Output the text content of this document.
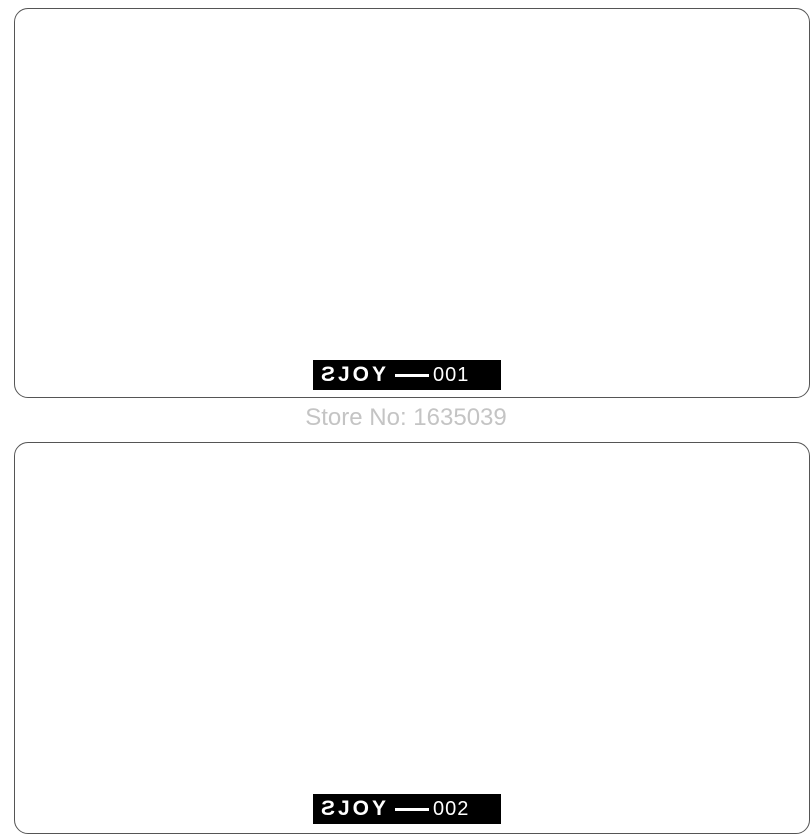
ƧJOY 001
Store No: 1635039
ƧJOY 002
